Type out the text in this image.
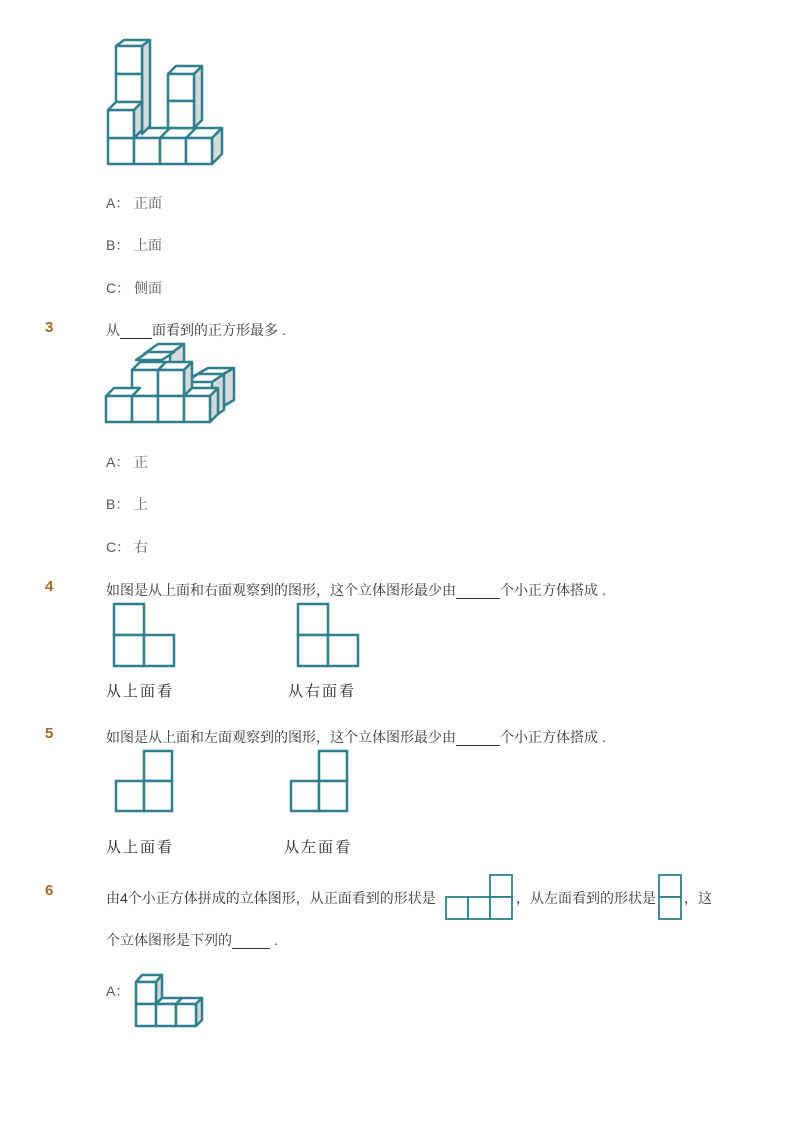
A： 正面
B： 上面
C： 侧面
3	从 面看到的正方形最多 .
A： 正
B： 上
C： 右
4	如图是从上面和右面观察到的图形，这个立体图形最少由	个小正方体搭成 .
从上面看	从右面看
5	如图是从上面和左面观察到的图形，这个立体图形最少由	个小正方体搭成 .
从上面看	从左面看
6	由4个小正方体拼成的立体图形，从正面看到的形状是	，从左面看到的形状是 ，这
个立体图形是下列的	.
A：
